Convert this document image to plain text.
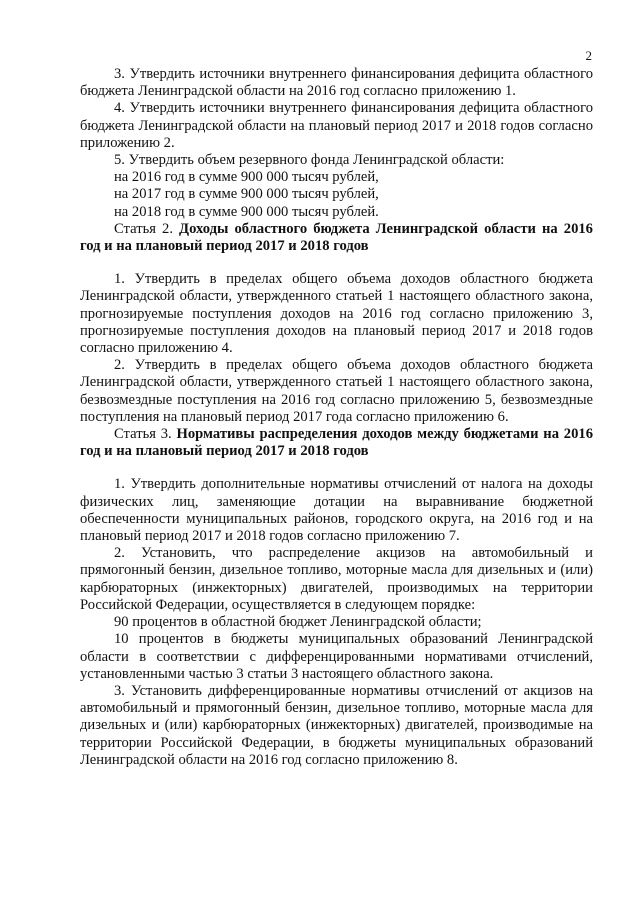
2

3. Утвердить источники внутреннего финансирования дефицита областного бюджета Ленинградской области на 2016 год согласно приложению 1.

4. Утвердить источники внутреннего финансирования дефицита областного бюджета Ленинградской области на плановый период 2017 и 2018 годов согласно приложению 2.

5. Утвердить объем резервного фонда Ленинградской области:

на 2016 год в сумме 900 000 тысяч рублей,

на 2017 год в сумме 900 000 тысяч рублей,

на 2018 год в сумме 900 000 тысяч рублей.

Статья 2. Доходы областного бюджета Ленинградской области на 2016 год и на плановый период 2017 и 2018 годов

1. Утвердить в пределах общего объема доходов областного бюджета Ленинградской области, утвержденного статьей 1 настоящего областного закона, прогнозируемые поступления доходов на 2016 год согласно приложению 3, прогнозируемые поступления доходов на плановый период 2017 и 2018 годов согласно приложению 4.

2. Утвердить в пределах общего объема доходов областного бюджета Ленинградской области, утвержденного статьей 1 настоящего областного закона, безвозмездные поступления на 2016 год согласно приложению 5, безвозмездные поступления на плановый период 2017 года согласно приложению 6.

Статья 3. Нормативы распределения доходов между бюджетами на 2016 год и на плановый период 2017 и 2018 годов

1. Утвердить дополнительные нормативы отчислений от налога на доходы физических лиц, заменяющие дотации на выравнивание бюджетной обеспеченности муниципальных районов, городского округа, на 2016 год и на плановый период 2017 и 2018 годов согласно приложению 7.

2. Установить, что распределение акцизов на автомобильный и прямогонный бензин, дизельное топливо, моторные масла для дизельных и (или) карбюраторных (инжекторных) двигателей, производимых на территории Российской Федерации, осуществляется в следующем порядке:

90 процентов в областной бюджет Ленинградской области;

10 процентов в бюджеты муниципальных образований Ленинградской области в соответствии с дифференцированными нормативами отчислений, установленными частью 3 статьи 3 настоящего областного закона.

3. Установить дифференцированные нормативы отчислений от акцизов на автомобильный и прямогонный бензин, дизельное топливо, моторные масла для дизельных и (или) карбюраторных (инжекторных) двигателей, производимые на территории Российской Федерации, в бюджеты муниципальных образований Ленинградской области на 2016 год согласно приложению 8.
